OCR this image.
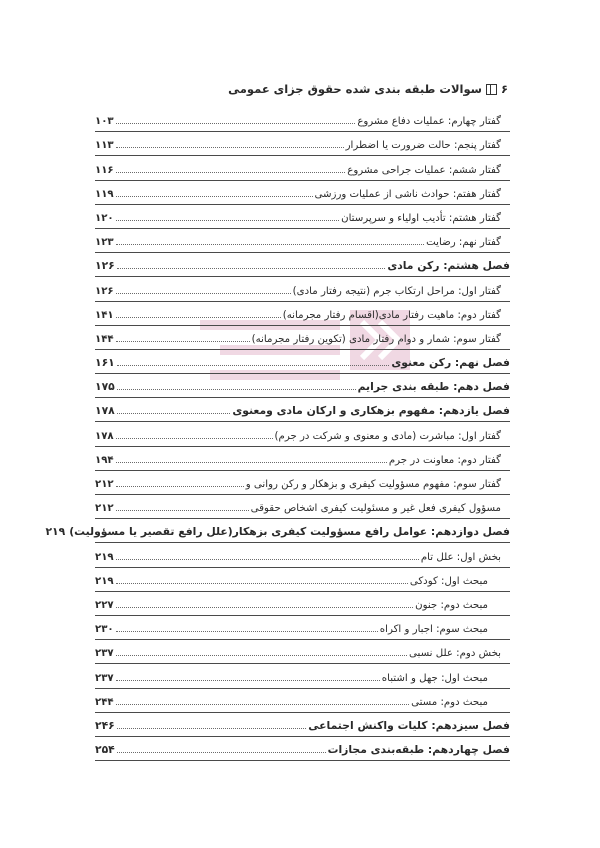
۶
سوالات طبقه بندی شده حقوق جزای عمومی
گفتار چهارم: عملیات دفاع مشروع
۱۰۳
گفتار پنجم: حالت ضرورت یا اضطرار
۱۱۳
گفتار ششم: عملیات جراحی مشروع
۱۱۶
گفتار هفتم: حوادث ناشی از عملیات ورزشی
۱۱۹
گفتار هشتم: تأدیب اولیاء و سرپرستان
۱۲۰
گفتار نهم: رضایت
۱۲۳
فصل هشتم: رکن مادی
۱۲۶
گفتار اول: مراحل ارتکاب جرم (نتیجه رفتار مادی)
۱۲۶
گفتار دوم: ماهیت رفتار مادی(اقسام رفتار مجرمانه)
۱۴۱
گفتار سوم: شمار و دوام رفتار مادی (تکوین رفتار مجرمانه)
۱۴۴
فصل نهم: رکن معنوی
۱۶۱
فصل دهم: طبقه بندی جرایم
۱۷۵
فصل یازدهم: مفهوم بزهکاری و ارکان مادی ومعنوی
۱۷۸
گفتار اول: مباشرت (مادی و معنوی و شرکت در جرم)
۱۷۸
گفتار دوم: معاونت در جرم
۱۹۴
گفتار سوم: مفهوم مسؤولیت کیفری و بزهکار و رکن روانی و
۲۱۲
مسؤول کیفری فعل غیر و مسئولیت کیفری اشخاص حقوقی
۲۱۲
فصل دوازدهم: عوامل رافع مسؤولیت کیفری بزهکار(علل رافع تقصیر یا مسؤولیت)
۲۱۹
بخش اول: علل تام
۲۱۹
مبحث اول: کودکی
۲۱۹
مبحث دوم: جنون
۲۲۷
مبحث سوم: اجبار و اکراه
۲۳۰
بخش دوم: علل نسبی
۲۳۷
مبحث اول: جهل و اشتباه
۲۳۷
مبحث دوم: مستی
۲۴۴
فصل سیزدهم: کلیات واکنش اجتماعی
۲۴۶
فصل چهاردهم: طبقه‌بندی مجازات
۲۵۴
